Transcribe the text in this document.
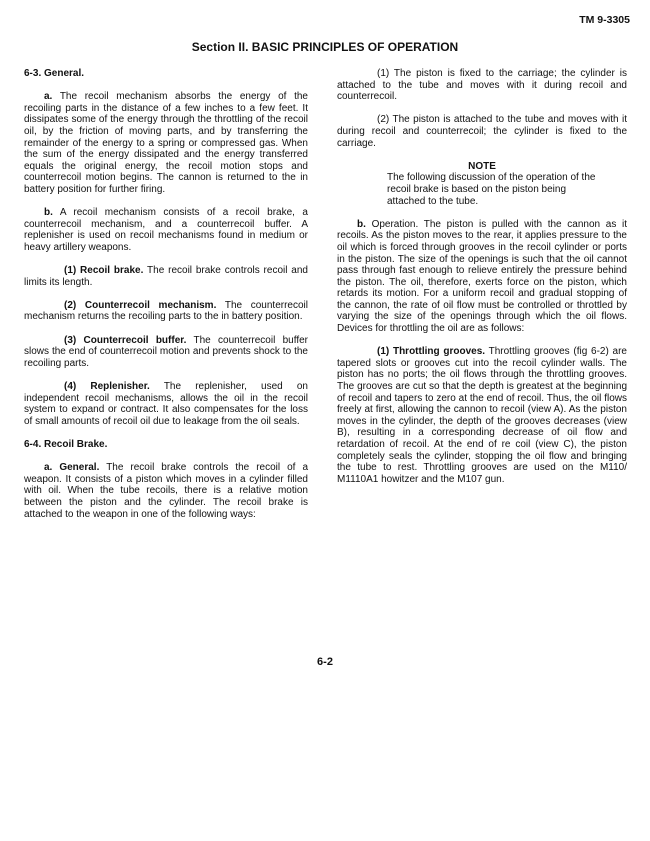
TM 9-3305
Section II. BASIC PRINCIPLES OF OPERATION
6-3. General.

a. The recoil mechanism absorbs the energy of the recoiling parts in the distance of a few inches to a few feet. It dissipates some of the energy through the throttling of the recoil oil, by the friction of moving parts, and by transferring the remainder of the energy to a spring or compressed gas. When the sum of the energy dissipated and the energy transferred equals the original energy, the recoil motion stops and counterrecoil motion begins. The cannon is returned to the in battery position for further firing.

b. A recoil mechanism consists of a recoil brake, a counterrecoil mechanism, and a counterrecoil buffer. A replenisher is used on recoil mechanisms found in medium or heavy artillery weapons.

(1) Recoil brake. The recoil brake controls recoil and limits its length.

(2) Counterrecoil mechanism. The counterrecoil mechanism returns the recoiling parts to the in battery position.

(3) Counterrecoil buffer. The counterrecoil buffer slows the end of counterrecoil motion and prevents shock to the recoiling parts.

(4) Replenisher. The replenisher, used on independent recoil mechanisms, allows the oil in the recoil system to expand or contract. It also compensates for the loss of small amounts of recoil oil due to leakage from the oil seals.

6-4. Recoil Brake.

a. General. The recoil brake controls the recoil of a weapon. It consists of a piston which moves in a cylinder filled with oil. When the tube recoils, there is a relative motion between the piston and the cylinder. The recoil brake is attached to the weapon in one of the following ways:

(1) The piston is fixed to the carriage; the cylinder is attached to the tube and moves with it during recoil and counterrecoil.

(2) The piston is attached to the tube and moves with it during recoil and counterrecoil; the cylinder is fixed to the carriage.

NOTE

The following discussion of the operation of the recoil brake is based on the piston being attached to the tube.

b. Operation. The piston is pulled with the cannon as it recoils. As the piston moves to the rear, it applies pressure to the oil which is forced through grooves in the recoil cylinder or ports in the piston. The size of the openings is such that the oil cannot pass through fast enough to relieve entirely the pressure behind the piston. The oil, therefore, exerts force on the piston, which retards its motion. For a uniform recoil and gradual stopping of the cannon, the rate of oil flow must be controlled or throttled by varying the size of the openings through which the oil flows. Devices for throttling the oil are as follows:

(1) Throttling grooves. Throttling grooves (fig 6-2) are tapered slots or grooves cut into the recoil cylinder walls. The piston has no ports; the oil flows through the throttling grooves. The grooves are cut so that the depth is greatest at the beginning of recoil and tapers to zero at the end of recoil. Thus, the oil flows freely at first, allowing the cannon to recoil (view A). As the piston moves in the cylinder, the depth of the grooves decreases (view B), resulting in a corresponding decrease of oil flow and retardation of recoil. At the end of re coil (view C), the piston completely seals the cylinder, stopping the oil flow and bringing the tube to rest. Throttling grooves are used on the M110/ M1110A1 howitzer and the M107 gun.

6-2
